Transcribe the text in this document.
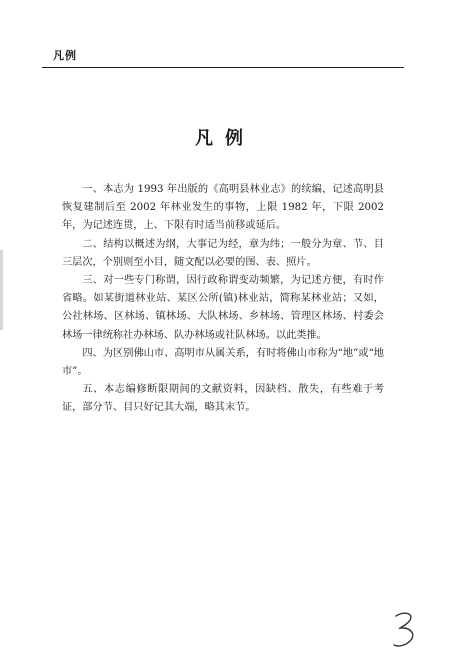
凡例
凡例

一、本志为 1993 年出版的《高明县林业志》的续编，记述高明县恢复建制后至 2002 年林业发生的事物，上限 1982 年，下限 2002 年，为记述连贯，上、下限有时适当前移或延后。

二、结构以概述为纲，大事记为经，章为纬；一般分为章、节、目三层次，个别则至小目，随文配以必要的图、表、照片。

三、对一些专门称谓，因行政称谓变动频繁，为记述方便，有时作省略。如某街道林业站、某区公所(镇)林业站，简称某林业站；又如，公社林场、区林场、镇林场、大队林场、乡林场、管理区林场、村委会林场一律统称社办林场、队办林场或社队林场。以此类推。

四、为区别佛山市、高明市从属关系，有时将佛山市称为“地”或“地市”。

五、本志编修断限期间的文献资料，因缺档、散失，有些难于考证，部分节、目只好记其大端，略其末节。
